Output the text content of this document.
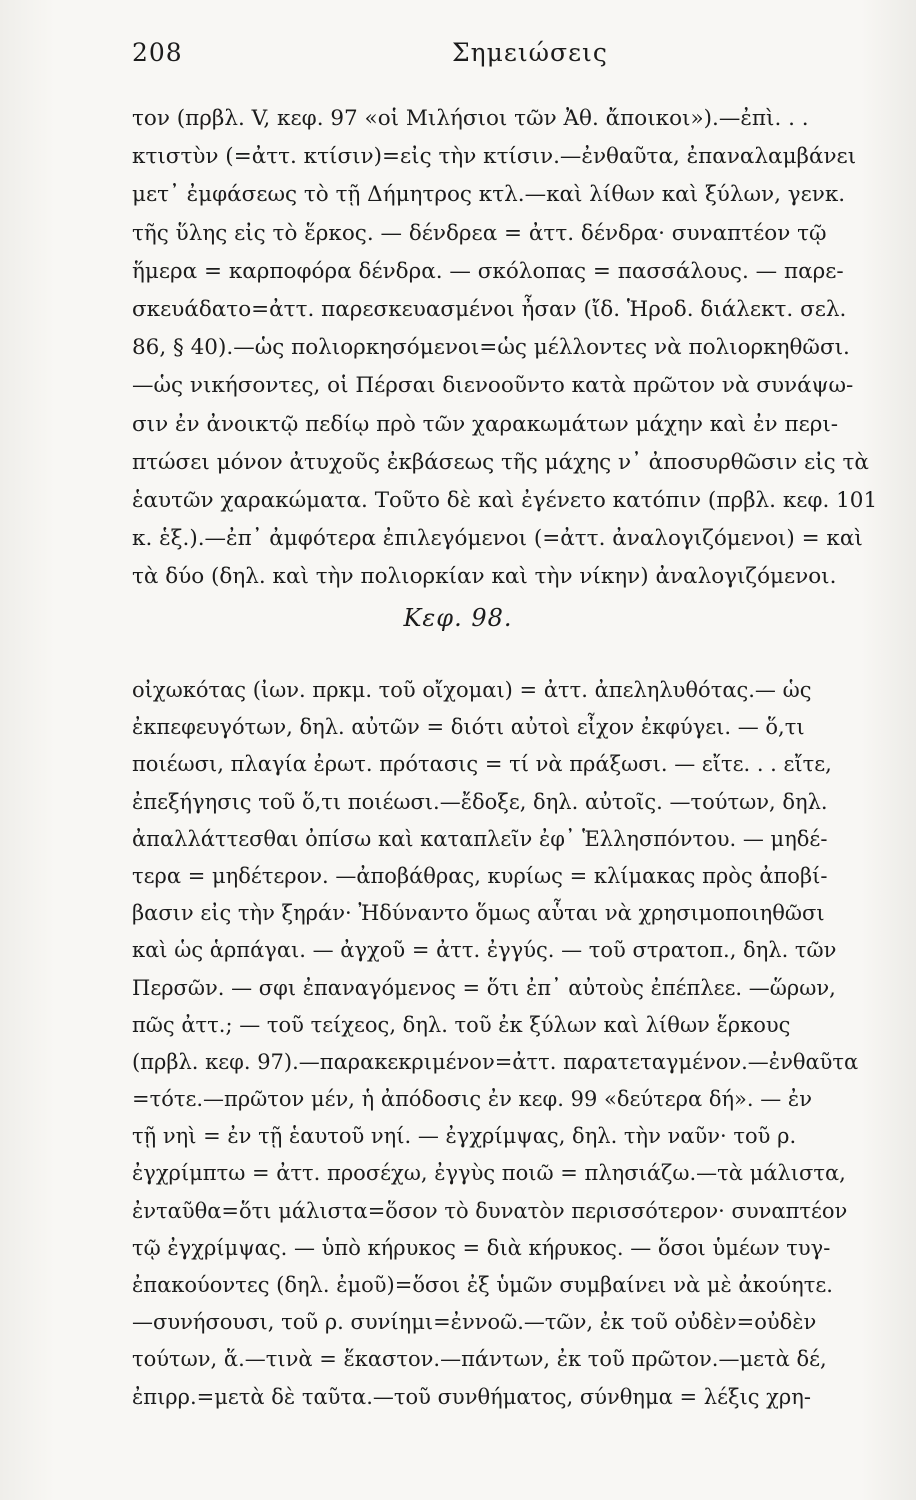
208	Σημειώσεις
τον (πρβλ. V, κεφ. 97 «οἱ Μιλήσιοι τῶν Ἀθ. ἄποικοι»).—ἐπὶ. . .
κτιστὺν (=ἀττ. κτίσιν)=εἰς τὴν κτίσιν.—ἐνθαῦτα, ἐπαναλαμβάνει
μετ᾽ ἐμφάσεως τὸ τῇ Δήμητρος κτλ.—καὶ λίθων καὶ ξύλων, γενκ.
τῆς ὕλης εἰς τὸ ἕρκος. — δένδρεα = ἀττ. δένδρα· συναπτέον τῷ
ἥμερα = καρποφόρα δένδρα. — σκόλοπας = πασσάλους. — παρε-
σκευάδατο=ἀττ. παρεσκευασμένοι ἦσαν (ἴδ. Ἡροδ. διάλεκτ. σελ.
86, § 40).—ὡς πολιορκησόμενοι=ὡς μέλλοντες νὰ πολιορκηθῶσι.
—ὡς νικήσοντες, οἱ Πέρσαι διενοοῦντο κατὰ πρῶτον νὰ συνάψω-
σιν ἐν ἀνοικτῷ πεδίῳ πρὸ τῶν χαρακωμάτων μάχην καὶ ἐν περι-
πτώσει μόνον ἀτυχοῦς ἐκβάσεως τῆς μάχης ν᾽ ἀποσυρθῶσιν εἰς τὰ
ἑαυτῶν χαρακώματα. Τοῦτο δὲ καὶ ἐγένετο κατόπιν (πρβλ. κεφ. 101
κ. ἑξ.).—ἐπ᾽ ἀμφότερα ἐπιλεγόμενοι (=ἀττ. ἀναλογιζόμενοι) = καὶ
τὰ δύο (δηλ. καὶ τὴν πολιορκίαν καὶ τὴν νίκην) ἀναλογιζόμενοι.
Κεφ. 98.
οἰχωκότας (ἰων. πρκμ. τοῦ οἴχομαι) = ἀττ. ἀπεληλυθότας.— ὡς
ἐκπεφευγότων, δηλ. αὐτῶν = διότι αὐτοὶ εἶχον ἐκφύγει. — ὅ,τι
ποιέωσι, πλαγία ἐρωτ. πρότασις = τί νὰ πράξωσι. — εἴτε. . . εἴτε,
ἐπεξήγησις τοῦ ὅ,τι ποιέωσι.—ἔδοξε, δηλ. αὐτοῖς. —τούτων, δηλ.
ἀπαλλάττεσθαι ὀπίσω καὶ καταπλεῖν ἐφ᾽ Ἑλλησπόντου. — μηδέ-
τερα = μηδέτερον. —ἀποβάθρας, κυρίως = κλίμακας πρὸς ἀποβί-
βασιν εἰς τὴν ξηράν· Ἠδύναντο ὅμως αὗται νὰ χρησιμοποιηθῶσι
καὶ ὡς ἁρπάγαι. — ἀγχοῦ = ἀττ. ἐγγύς. — τοῦ στρατοπ., δηλ. τῶν
Περσῶν. — σφι ἐπαναγόμενος = ὅτι ἐπ᾽ αὐτοὺς ἐπέπλεε. —ὥρων,
πῶς ἀττ.; — τοῦ τείχεος, δηλ. τοῦ ἐκ ξύλων καὶ λίθων ἕρκους
(πρβλ. κεφ. 97).—παρακεκριμένον=ἀττ. παρατεταγμένον.—ἐνθαῦτα
=τότε.—πρῶτον μέν, ἡ ἀπόδοσις ἐν κεφ. 99 «δεύτερα δή». — ἐν
τῇ νηὶ = ἐν τῇ ἑαυτοῦ νηί. — ἐγχρίμψας, δηλ. τὴν ναῦν· τοῦ ρ.
ἐγχρίμπτω = ἀττ. προσέχω, ἐγγὺς ποιῶ = πλησιάζω.—τὰ μάλιστα,
ἐνταῦθα=ὅτι μάλιστα=ὅσον τὸ δυνατὸν περισσότερον· συναπτέον
τῷ ἐγχρίμψας. — ὑπὸ κήρυκος = διὰ κήρυκος. — ὅσοι ὑμέων τυγ-
ἐπακούοντες (δηλ. ἐμοῦ)=ὅσοι ἐξ ὑμῶν συμβαίνει νὰ μὲ ἀκούητε.
—συνήσουσι, τοῦ ρ. συνίημι=ἐννοῶ.—τῶν, ἐκ τοῦ οὐδὲν=οὐδὲν
τούτων, ἅ.—τινὰ = ἕκαστον.—πάντων, ἐκ τοῦ πρῶτον.—μετὰ δέ,
ἐπιρρ.=μετὰ δὲ ταῦτα.—τοῦ συνθήματος, σύνθημα = λέξις χρη-
